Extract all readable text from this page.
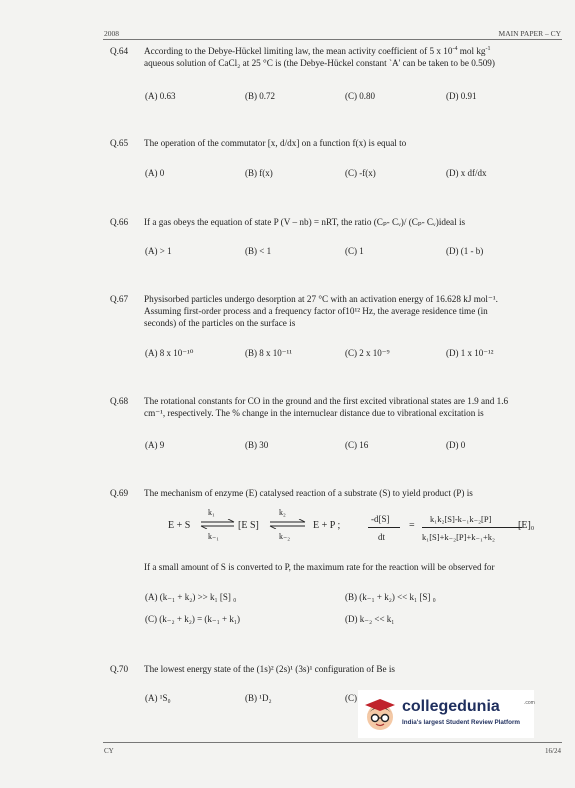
2008	MAIN PAPER – CY
Q.64 According to the Debye-Hückel limiting law, the mean activity coefficient of 5 x $10^{-4}$ mol $kg^{-1}$
aqueous solution of CaCl₂ at 25 °C is (the Debye-Hückel constant `A' can be taken to be 0.509)
(A) 0.63	(B) 0.72	(C) 0.80	(D) 0.91
Q.65 The operation of the commutator [x, d/dx] on a function f(x) is equal to
(A) 0	(B) f(x)	(C) -f(x)	(D) x df/dx
Q.66 If a gas obeys the equation of state P (V – nb) = nRT, the ratio (Cₚ- Cᵥ)/ (Cₚ- Cᵥ)ideal is
(A) > 1	(B) < 1	(C) 1	(D) (1 - b)
Q.67 Physisorbed particles undergo desorption at 27 °C with an activation energy of 16.628 kJ mol⁻¹.
Assuming first-order process and a frequency factor of10¹² Hz, the average residence time (in
seconds) of the particles on the surface is
(A) 8 x 10⁻¹⁰	(B) 8 x 10⁻¹¹	(C) 2 x 10⁻⁹	(D) 1 x 10⁻¹²
Q.68 The rotational constants for CO in the ground and the first excited vibrational states are 1.9 and 1.6
cm⁻¹, respectively. The % change in the internuclear distance due to vibrational excitation is
(A) 9	(B) 30	(C) 16	(D) 0
Q.69 The mechanism of enzyme (E) catalysed reaction of a substrate (S) to yield product (P) is
E + S
k₁
k₋₁
[E S]
k₂
k₋₂
E + P ;
-d[S]
dt
=
k₁k₂[S]-k₋₁k₋₂[P]
k₁[S]+k₋₂[P]+k₋₁+k₂
[E]₀
If a small amount of S is converted to P, the maximum rate for the reaction will be observed for
(A) (k₋₁ + k₂) >> k₁ [S] ₀	(B) (k₋₁ + k₂) << k₁ [S] ₀
(C) (k₋₂ + k₂) = (k₋₁ + k₁)	(D) k₋₂ << k₁
Q.70 The lowest energy state of the (1s)² (2s)¹ (3s)¹ configuration of Be is
(A) ¹S₀	(B) ¹D₂	(C)	collegedunia	.com
India's largest Student Review Platform
CY	16/24
